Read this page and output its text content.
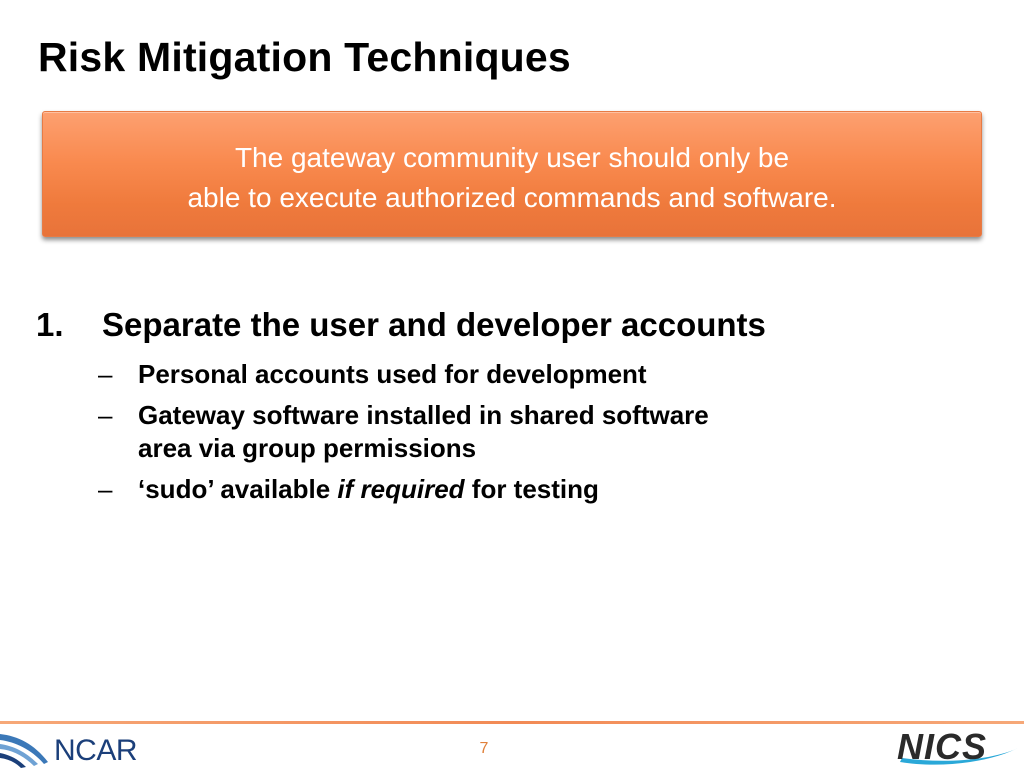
Risk Mitigation Techniques
The gateway community user should only be
able to execute authorized commands and software.
1. Separate the user and developer accounts
– Personal accounts used for development
– Gateway software installed in shared software
area via group permissions
– ‘sudo’ available if required for testing
NCAR	7	NICS
